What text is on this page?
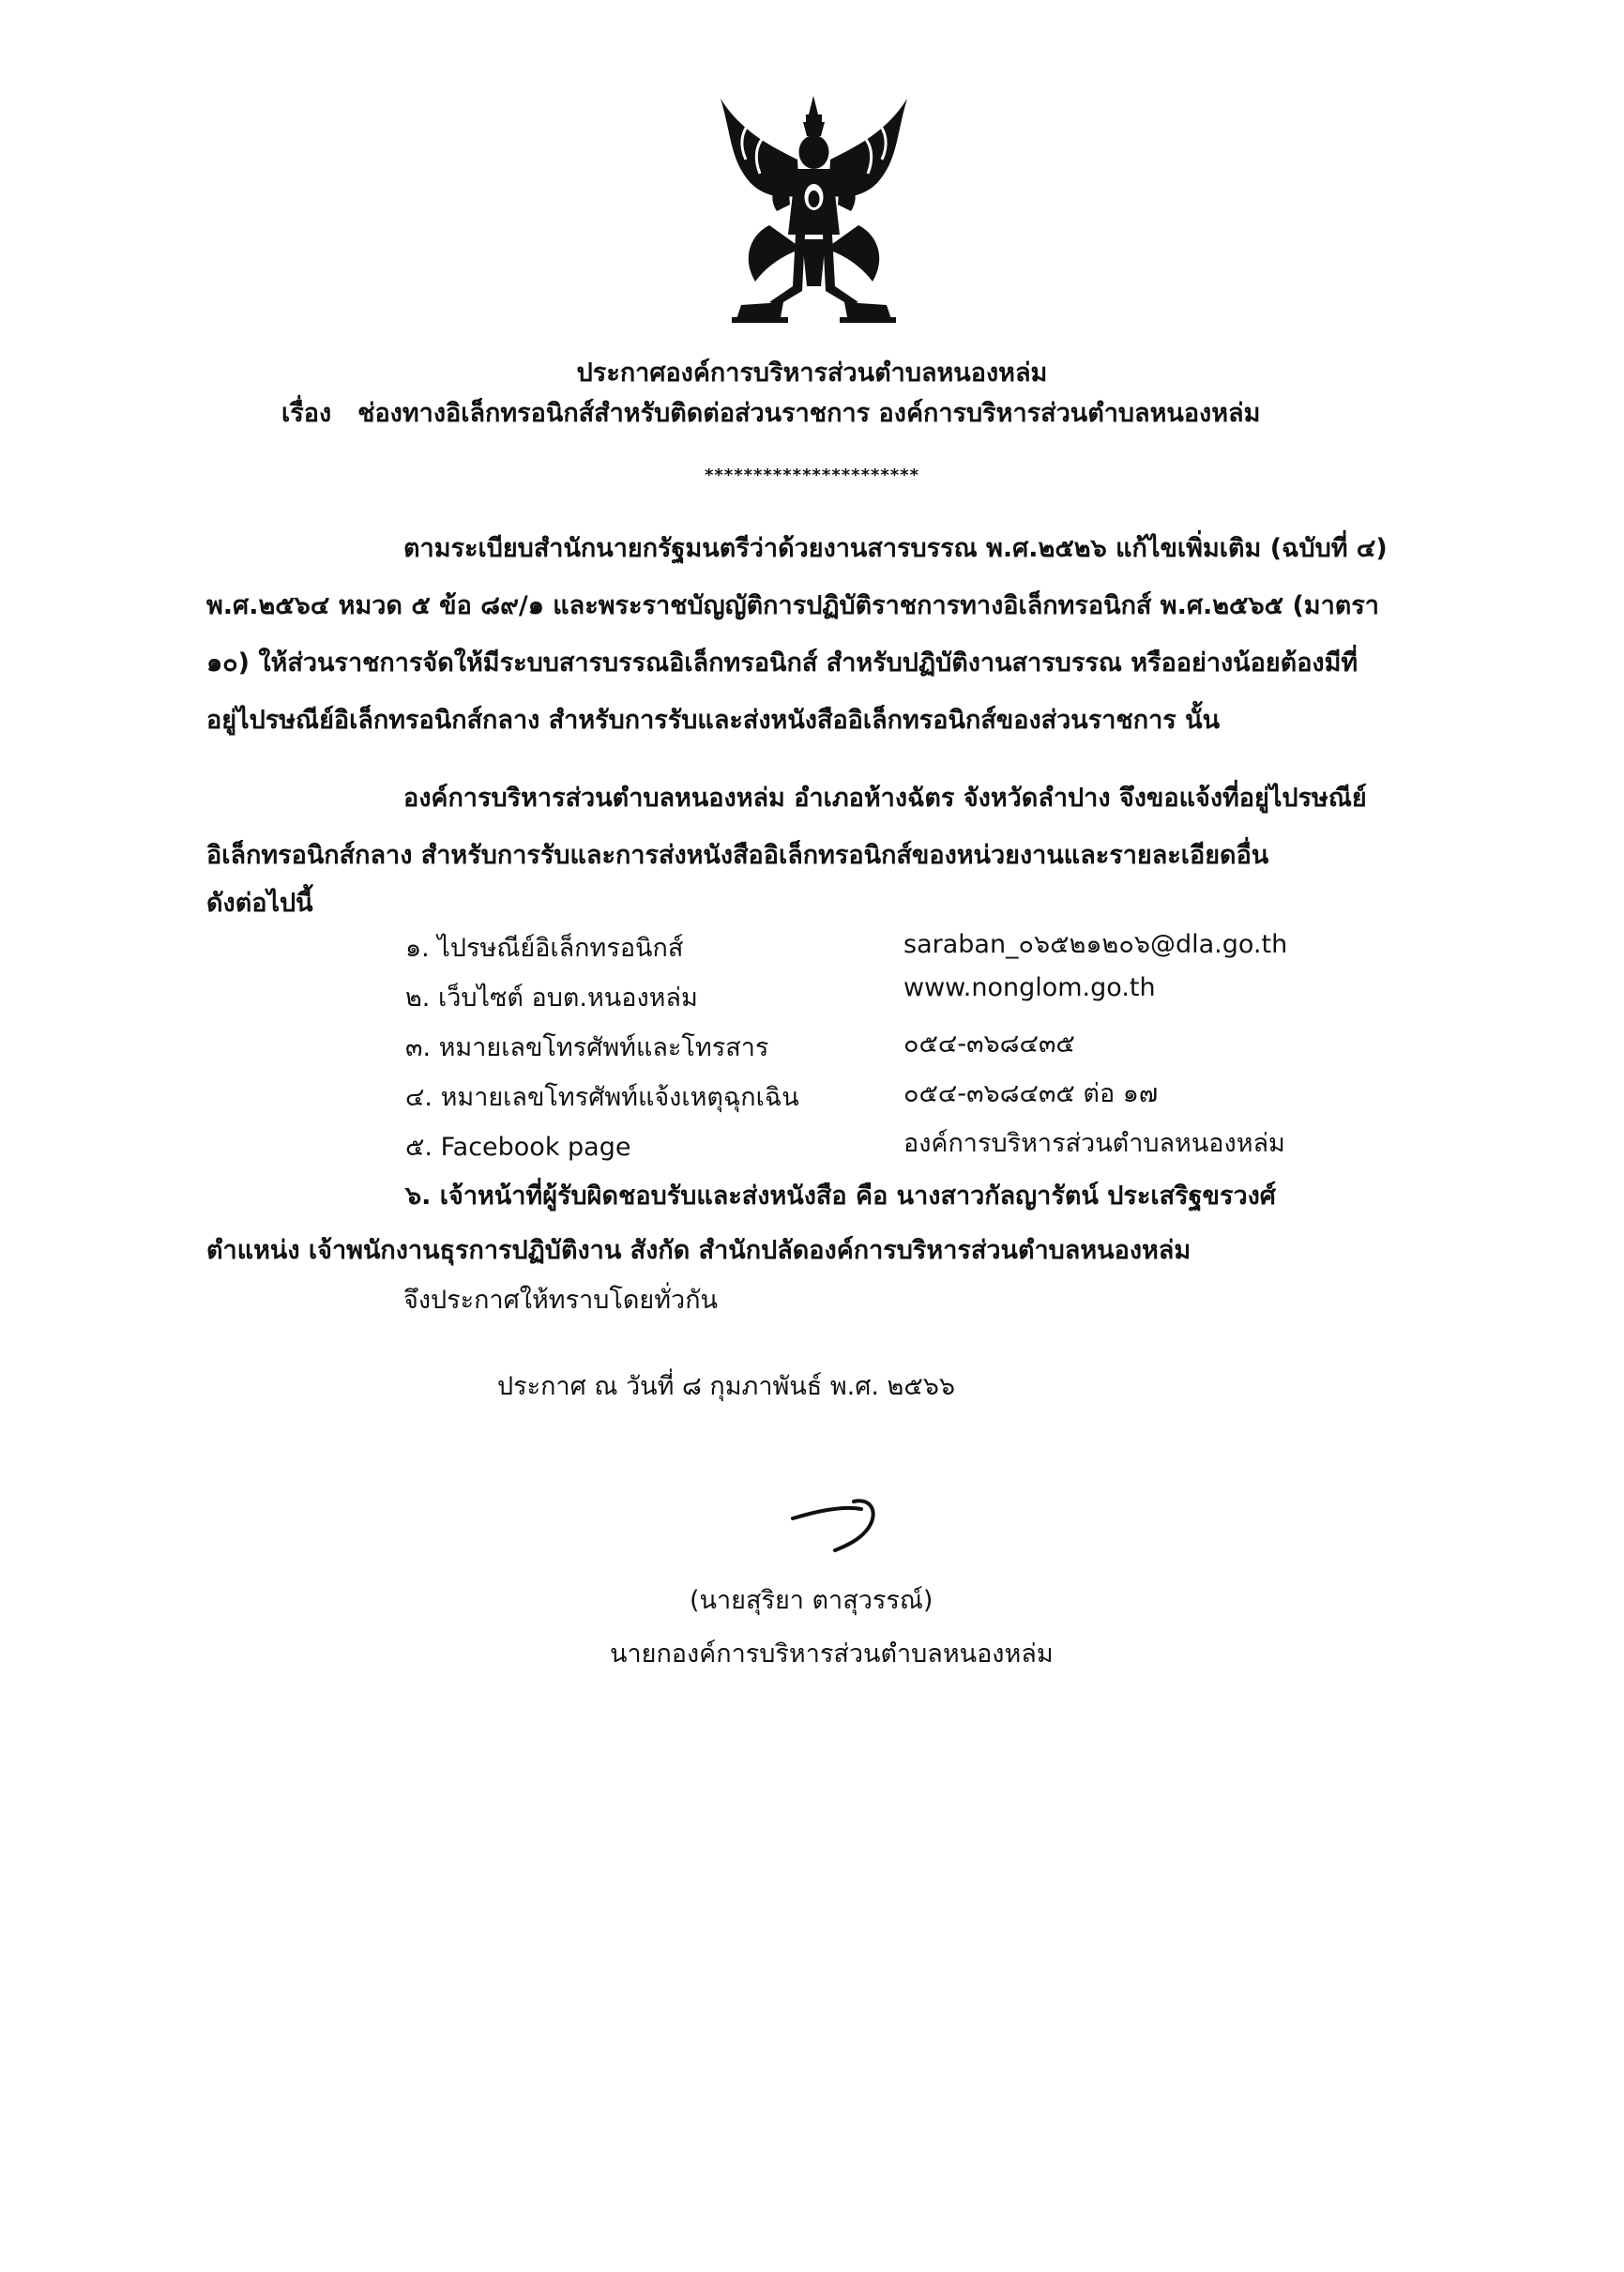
ประกาศองค์การบริหารส่วนตำบลหนองหล่ม
เรื่อง ช่องทางอิเล็กทรอนิกส์สำหรับติดต่อส่วนราชการ องค์การบริหารส่วนตำบลหนองหล่ม
**********************
ตามระเบียบสำนักนายกรัฐมนตรีว่าด้วยงานสารบรรณ พ.ศ.๒๕๒๖ แก้ไขเพิ่มเติม (ฉบับที่ ๔)
พ.ศ.๒๕๖๔ หมวด ๕ ข้อ ๘๙/๑ และพระราชบัญญัติการปฏิบัติราชการทางอิเล็กทรอนิกส์ พ.ศ.๒๕๖๕ (มาตรา
๑๐) ให้ส่วนราชการจัดให้มีระบบสารบรรณอิเล็กทรอนิกส์ สำหรับปฏิบัติงานสารบรรณ หรืออย่างน้อยต้องมีที่
อยู่ไปรษณีย์อิเล็กทรอนิกส์กลาง สำหรับการรับและส่งหนังสืออิเล็กทรอนิกส์ของส่วนราชการ นั้น
องค์การบริหารส่วนตำบลหนองหล่ม อำเภอห้างฉัตร จังหวัดลำปาง จึงขอแจ้งที่อยู่ไปรษณีย์
อิเล็กทรอนิกส์กลาง สำหรับการรับและการส่งหนังสืออิเล็กทรอนิกส์ของหน่วยงานและรายละเอียดอื่น
ดังต่อไปนี้
๑. ไปรษณีย์อิเล็กทรอนิกส์	saraban_๐๖๕๒๑๒๐๖@dla.go.th
๒. เว็บไซต์ อบต.หนองหล่ม	www.nonglom.go.th
๓. หมายเลขโทรศัพท์และโทรสาร	๐๕๔-๓๖๘๔๓๕
๔. หมายเลขโทรศัพท์แจ้งเหตุฉุกเฉิน	๐๕๔-๓๖๘๔๓๕ ต่อ ๑๗
๕. Facebook page	องค์การบริหารส่วนตำบลหนองหล่ม
๖. เจ้าหน้าที่ผู้รับผิดชอบรับและส่งหนังสือ คือ นางสาวกัลญารัตน์ ประเสริฐขรวงศ์
ตำแหน่ง เจ้าพนักงานธุรการปฏิบัติงาน สังกัด สำนักปลัดองค์การบริหารส่วนตำบลหนองหล่ม
จึงประกาศให้ทราบโดยทั่วกัน
ประกาศ ณ วันที่ ๘ กุมภาพันธ์ พ.ศ. ๒๕๖๖
(นายสุริยา ตาสุวรรณ์)
นายกองค์การบริหารส่วนตำบลหนองหล่ม
